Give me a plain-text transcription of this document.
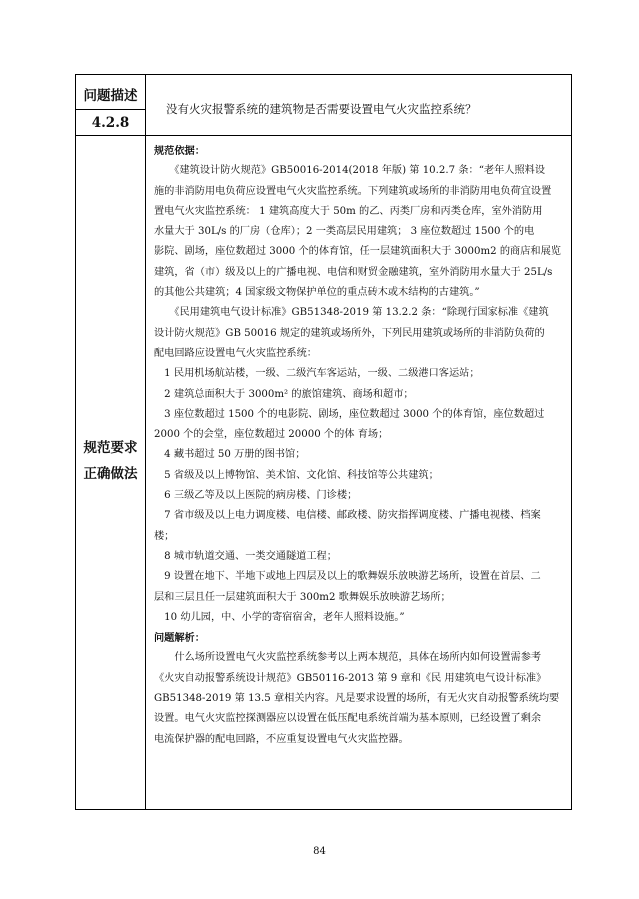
问题描述
4.2.8
没有火灾报警系统的建筑物是否需要设置电气火灾监控系统？
规范要求
正确做法
规范依据：
　　《建筑设计防火规范》GB50016-2014(2018 年版) 第 10.2.7 条：“老年人照料设
施的非消防用电负荷应设置电气火灾监控系统。下列建筑或场所的非消防用电负荷宜设置
置电气火灾监控系统： 1 建筑高度大于 50m 的乙、丙类厂房和丙类仓库，室外消防用
水量大于 30L/s 的厂房（仓库）；2 一类高层民用建筑； 3 座位数超过 1500 个的电
影院、剧场，座位数超过 3000 个的体育馆，任一层建筑面积大于 3000m2 的商店和展览
建筑，省（市）级及以上的广播电视、电信和财贸金融建筑，室外消防用水量大于 25L/s
的其他公共建筑；4 国家级文物保护单位的重点砖木或木结构的古建筑。”
　　《民用建筑电气设计标准》GB51348-2019 第 13.2.2 条：“除现行国家标准《建筑
设计防火规范》GB 50016 规定的建筑或场所外，下列民用建筑或场所的非消防负荷的
配电回路应设置电气火灾监控系统：
　1 民用机场航站楼，一级、二级汽车客运站，一级、二级港口客运站；
　2 建筑总面积大于 3000m² 的旅馆建筑、商场和超市；
　3 座位数超过 1500 个的电影院、剧场，座位数超过 3000 个的体育馆，座位数超过
2000 个的会堂，座位数超过 20000 个的体 育场；
　4 藏书超过 50 万册的图书馆；
　5 省级及以上博物馆、美术馆、文化馆、科技馆等公共建筑；
　6 三级乙等及以上医院的病房楼、门诊楼；
　7 省市级及以上电力调度楼、电信楼、邮政楼、防灾指挥调度楼、广播电视楼、档案
楼；
　8 城市轨道交通、一类交通隧道工程；
　9 设置在地下、半地下或地上四层及以上的歌舞娱乐放映游艺场所，设置在首层、二
层和三层且任一层建筑面积大于 300m2 歌舞娱乐放映游艺场所；
　10 幼儿园，中、小学的寄宿宿舍，老年人照料设施。”
问题解析：
　　什么场所设置电气火灾监控系统参考以上两本规范，具体在场所内如何设置需参考
《火灾自动报警系统设计规范》GB50116-2013 第 9 章和《民 用建筑电气设计标准》
GB51348-2019 第 13.5 章相关内容。凡是要求设置的场所，有无火灾自动报警系统均要
设置。电气火灾监控探测器应以设置在低压配电系统首端为基本原则，已经设置了剩余
电流保护器的配电回路，不应重复设置电气火灾监控器。
84
